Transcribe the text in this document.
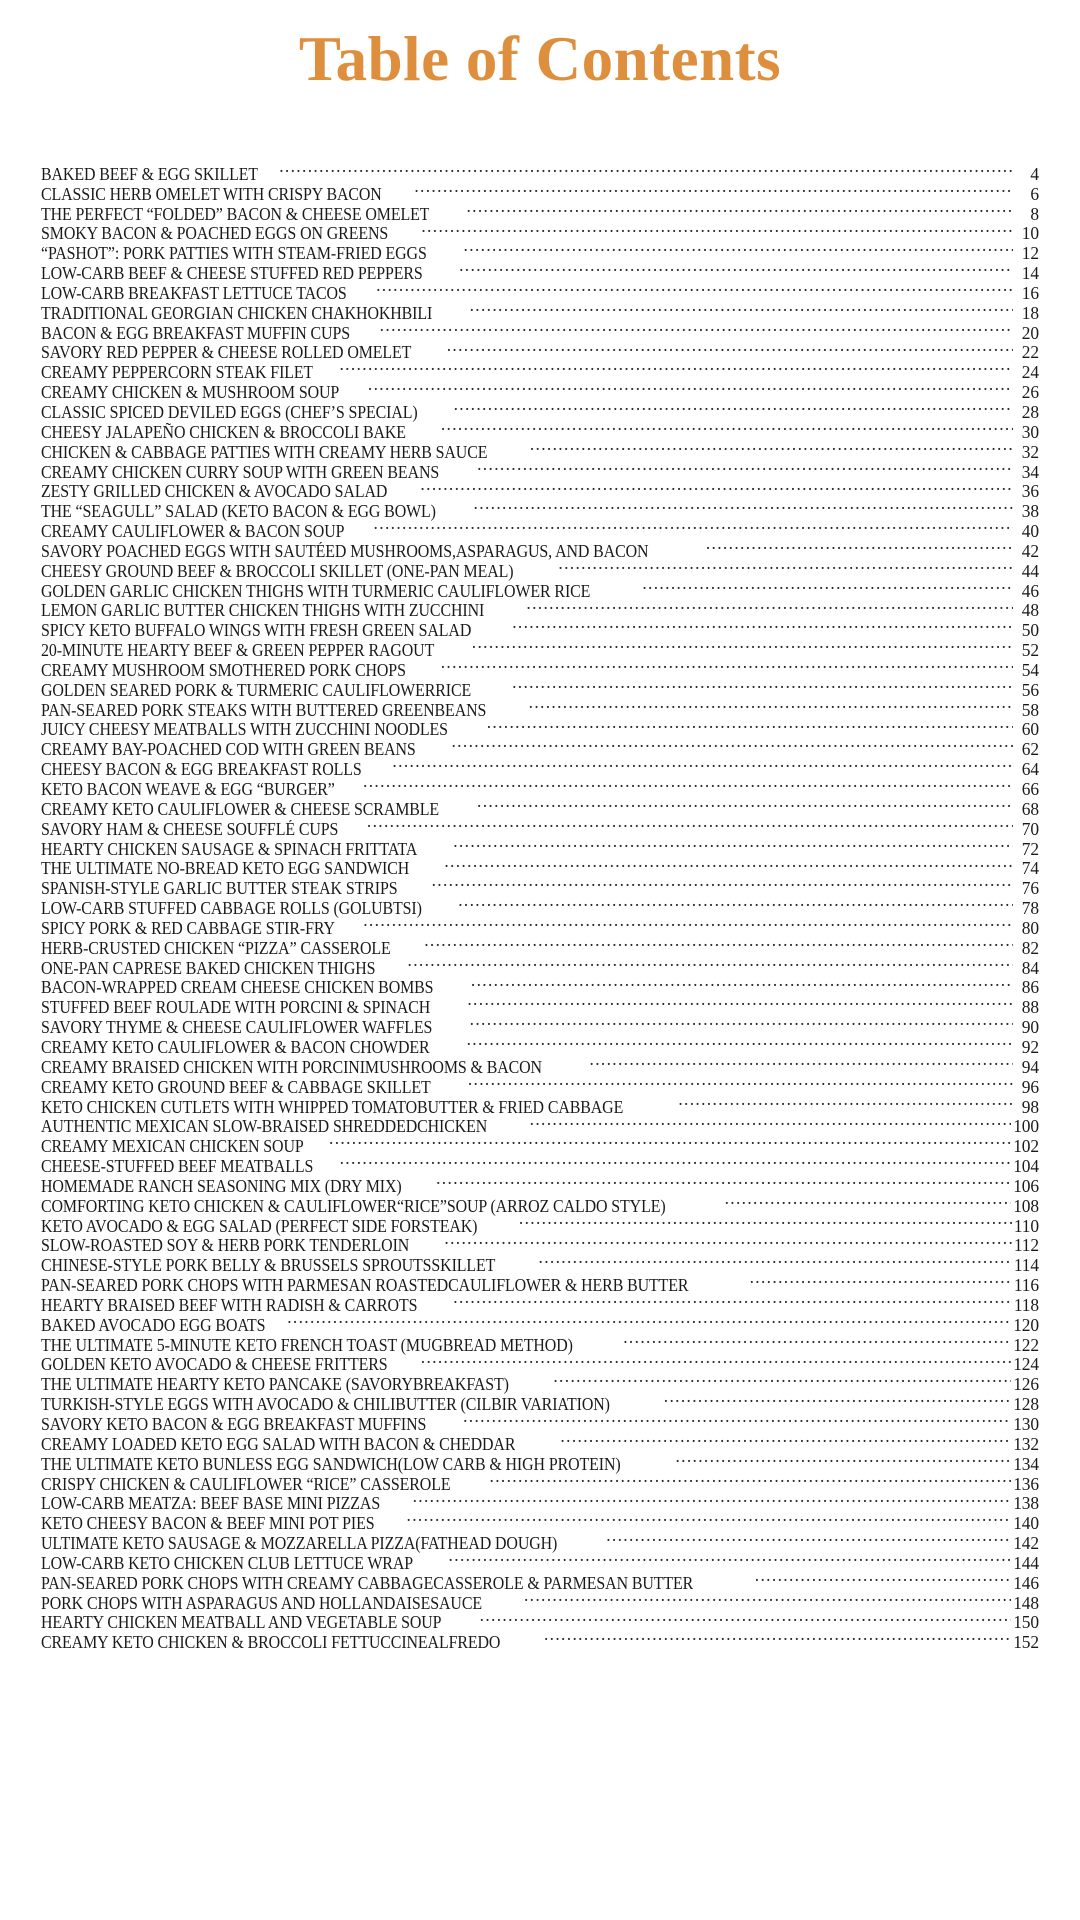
Table of Contents
BAKED BEEF & EGG SKILLET .....	4
CLASSIC HERB OMELET WITH CRISPY BACON .....	6
THE PERFECT “FOLDED” BACON & CHEESE OMELET .....	8
SMOKY BACON & POACHED EGGS ON GREENS .....	10
“PASHOT”: PORK PATTIES WITH STEAM-FRIED EGGS .....	12
LOW-CARB BEEF & CHEESE STUFFED RED PEPPERS .....	14
LOW-CARB BREAKFAST LETTUCE TACOS .....	16
TRADITIONAL GEORGIAN CHICKEN CHAKHOKHBILI .....	18
BACON & EGG BREAKFAST MUFFIN CUPS .....	20
SAVORY RED PEPPER & CHEESE ROLLED OMELET .....	22
CREAMY PEPPERCORN STEAK FILET .....	24
CREAMY CHICKEN & MUSHROOM SOUP .....	26
CLASSIC SPICED DEVILED EGGS (CHEF’S SPECIAL) .....	28
CHEESY JALAPEÑO CHICKEN & BROCCOLI BAKE .....	30
CHICKEN & CABBAGE PATTIES WITH CREAMY HERB SAUCE .....	32
CREAMY CHICKEN CURRY SOUP WITH GREEN BEANS .....	34
ZESTY GRILLED CHICKEN & AVOCADO SALAD .....	36
THE “SEAGULL” SALAD (KETO BACON & EGG BOWL) .....	38
CREAMY CAULIFLOWER & BACON SOUP .....	40
SAVORY POACHED EGGS WITH SAUTÉED MUSHROOMS,ASPARAGUS, AND BACON .....	42
CHEESY GROUND BEEF & BROCCOLI SKILLET (ONE-PAN MEAL) .....	44
GOLDEN GARLIC CHICKEN THIGHS WITH TURMERIC CAULIFLOWER RICE .....	46
LEMON GARLIC BUTTER CHICKEN THIGHS WITH ZUCCHINI .....	48
SPICY KETO BUFFALO WINGS WITH FRESH GREEN SALAD .....	50
20-MINUTE HEARTY BEEF & GREEN PEPPER RAGOUT .....	52
CREAMY MUSHROOM SMOTHERED PORK CHOPS .....	54
GOLDEN SEARED PORK & TURMERIC CAULIFLOWERRICE .....	56
PAN-SEARED PORK STEAKS WITH BUTTERED GREENBEANS .....	58
JUICY CHEESY MEATBALLS WITH ZUCCHINI NOODLES .....	60
CREAMY BAY-POACHED COD WITH GREEN BEANS .....	62
CHEESY BACON & EGG BREAKFAST ROLLS .....	64
KETO BACON WEAVE & EGG “BURGER” .....	66
CREAMY KETO CAULIFLOWER & CHEESE SCRAMBLE .....	68
SAVORY HAM & CHEESE SOUFFLÉ CUPS .....	70
HEARTY CHICKEN SAUSAGE & SPINACH FRITTATA .....	72
THE ULTIMATE NO-BREAD KETO EGG SANDWICH .....	74
SPANISH-STYLE GARLIC BUTTER STEAK STRIPS .....	76
LOW-CARB STUFFED CABBAGE ROLLS (GOLUBTSI) .....	78
SPICY PORK & RED CABBAGE STIR-FRY .....	80
HERB-CRUSTED CHICKEN “PIZZA” CASSEROLE .....	82
ONE-PAN CAPRESE BAKED CHICKEN THIGHS .....	84
BACON-WRAPPED CREAM CHEESE CHICKEN BOMBS .....	86
STUFFED BEEF ROULADE WITH PORCINI & SPINACH .....	88
SAVORY THYME & CHEESE CAULIFLOWER WAFFLES .....	90
CREAMY KETO CAULIFLOWER & BACON CHOWDER .....	92
CREAMY BRAISED CHICKEN WITH PORCINIMUSHROOMS & BACON .....	94
CREAMY KETO GROUND BEEF & CABBAGE SKILLET .....	96
KETO CHICKEN CUTLETS WITH WHIPPED TOMATOBUTTER & FRIED CABBAGE .....	98
AUTHENTIC MEXICAN SLOW-BRAISED SHREDDEDCHICKEN .....	100
CREAMY MEXICAN CHICKEN SOUP .....	102
CHEESE-STUFFED BEEF MEATBALLS .....	104
HOMEMADE RANCH SEASONING MIX (DRY MIX) .....	106
COMFORTING KETO CHICKEN & CAULIFLOWER“RICE”SOUP (ARROZ CALDO STYLE) .....	108
KETO AVOCADO & EGG SALAD (PERFECT SIDE FORSTEAK) .....	110
SLOW-ROASTED SOY & HERB PORK TENDERLOIN .....	112
CHINESE-STYLE PORK BELLY & BRUSSELS SPROUTSSKILLET .....	114
PAN-SEARED PORK CHOPS WITH PARMESAN ROASTEDCAULIFLOWER & HERB BUTTER .....	116
HEARTY BRAISED BEEF WITH RADISH & CARROTS .....	118
BAKED AVOCADO EGG BOATS .....	120
THE ULTIMATE 5-MINUTE KETO FRENCH TOAST (MUGBREAD METHOD) .....	122
GOLDEN KETO AVOCADO & CHEESE FRITTERS .....	124
THE ULTIMATE HEARTY KETO PANCAKE (SAVORYBREAKFAST) .....	126
TURKISH-STYLE EGGS WITH AVOCADO & CHILIBUTTER (CILBIR VARIATION) .....	128
SAVORY KETO BACON & EGG BREAKFAST MUFFINS .....	130
CREAMY LOADED KETO EGG SALAD WITH BACON & CHEDDAR .....	132
THE ULTIMATE KETO BUNLESS EGG SANDWICH(LOW CARB & HIGH PROTEIN) .....	134
CRISPY CHICKEN & CAULIFLOWER “RICE” CASSEROLE .....	136
LOW-CARB MEATZA: BEEF BASE MINI PIZZAS .....	138
KETO CHEESY BACON & BEEF MINI POT PIES .....	140
ULTIMATE KETO SAUSAGE & MOZZARELLA PIZZA(FATHEAD DOUGH) .....	142
LOW-CARB KETO CHICKEN CLUB LETTUCE WRAP .....	144
PAN-SEARED PORK CHOPS WITH CREAMY CABBAGECASSEROLE & PARMESAN BUTTER .....	146
PORK CHOPS WITH ASPARAGUS AND HOLLANDAISESAUCE .....	148
HEARTY CHICKEN MEATBALL AND VEGETABLE SOUP .....	150
CREAMY KETO CHICKEN & BROCCOLI FETTUCCINEALFREDO .....	152
